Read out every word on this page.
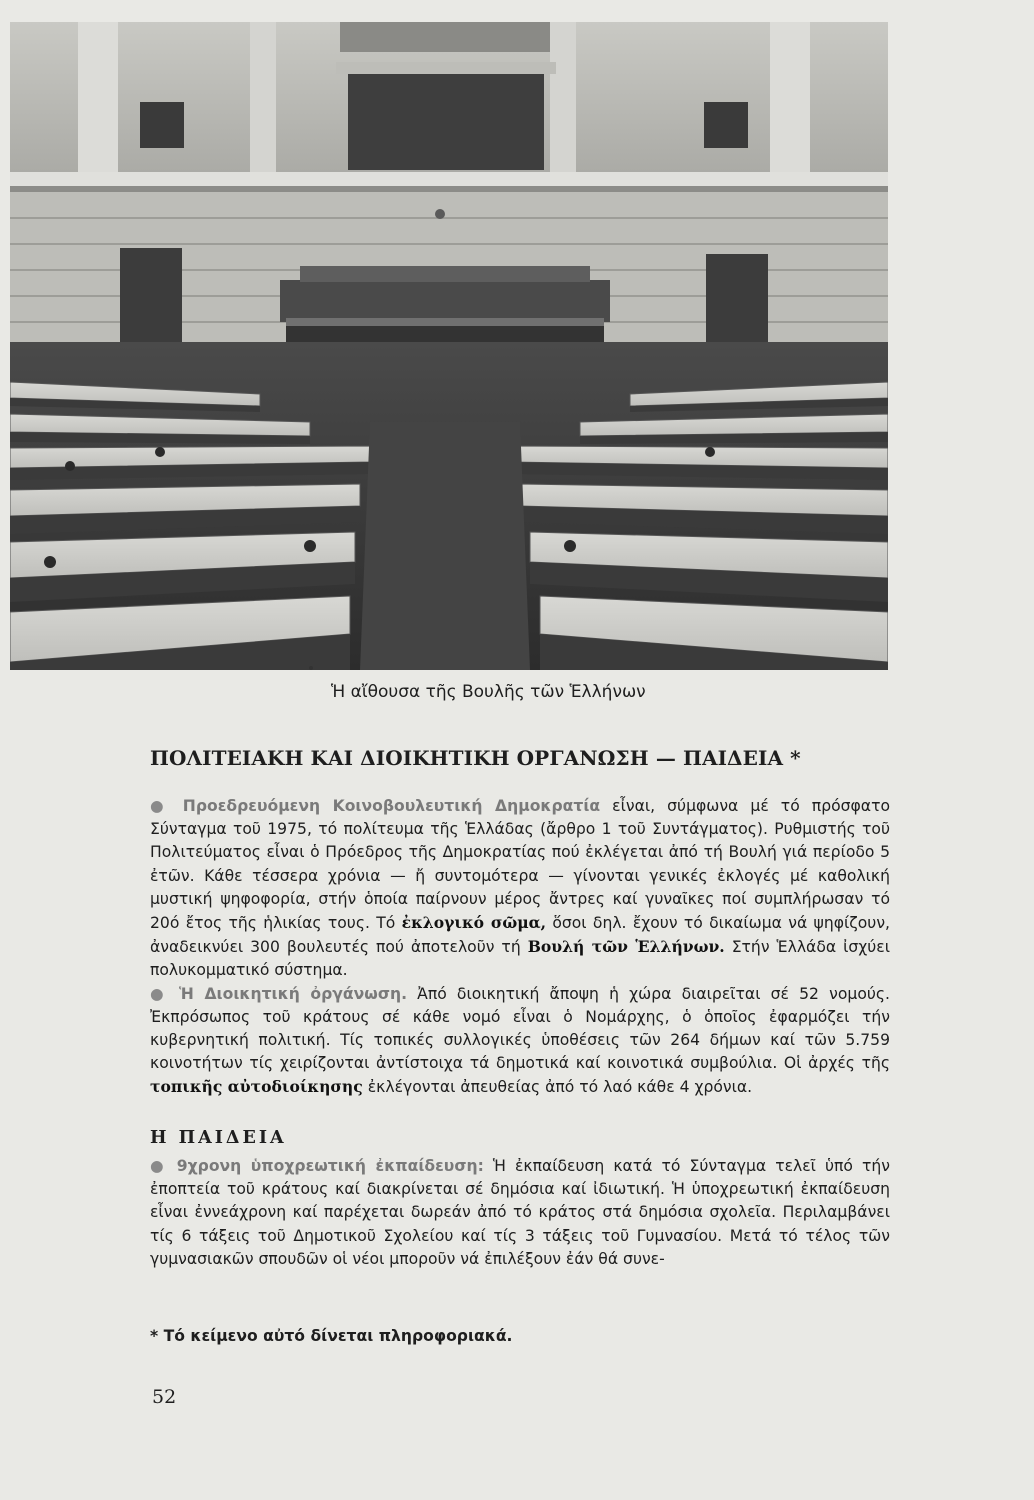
Ἡ αἴθουσα τῆς Βουλῆς τῶν Ἑλλήνων
ΠΟΛΙΤΕΙΑΚΗ ΚΑΙ ΔΙΟΙΚΗΤΙΚΗ ΟΡΓΑΝΩΣΗ — ΠΑΙΔΕΙΑ *

● Προεδρευόμενη Κοινοβουλευτική Δημοκρατία εἶναι, σύμφωνα μέ τό πρόσφατο Σύνταγμα τοῦ 1975, τό πολίτευμα τῆς Ἑλλάδας (ἄρθρο 1 τοῦ Συντάγματος). Ρυθμιστής τοῦ Πολιτεύματος εἶναι ὁ Πρόεδρος τῆς Δημοκρατίας πού ἐκλέγεται ἀπό τή Βουλή γιά περίοδο 5 ἐτῶν. Κάθε τέσσερα χρόνια — ἤ συντομότερα — γίνονται γενικές ἐκλογές μέ καθολική μυστική ψηφοφορία, στήν ὁποία παίρνουν μέρος ἄντρες καί γυναῖκες ποί συμπλήρωσαν τό 20ό ἔτος τῆς ἡλικίας τους. Τό ἐκλογικό σῶμα, ὅσοι δηλ. ἔχουν τό δικαίωμα νά ψηφίζουν, ἀναδεικνύει 300 βουλευτές πού ἀποτελοῦν τή Βουλή τῶν Ἑλλήνων. Στήν Ἑλλάδα ἰσχύει πολυκομματικό σύστημα.

● Ἡ Διοικητική ὀργάνωση. Ἀπό διοικητική ἄποψη ἡ χώρα διαιρεῖται σέ 52 νομούς. Ἐκπρόσωπος τοῦ κράτους σέ κάθε νομό εἶναι ὁ Νομάρχης, ὁ ὁποῖος ἐφαρμόζει τήν κυβερνητική πολιτική. Τίς τοπικές συλλογικές ὑποθέσεις τῶν 264 δήμων καί τῶν 5.759 κοινοτήτων τίς χειρίζονται ἀντίστοιχα τά δημοτικά καί κοινοτικά συμβούλια. Οἱ ἀρχές τῆς τοπικῆς αὐτοδιοίκησης ἐκλέγονται ἀπευθείας ἀπό τό λαό κάθε 4 χρόνια.

Η ΠΑΙΔΕΙΑ

● 9χρονη ὑποχρεωτική ἐκπαίδευση: Ἡ ἐκπαίδευση κατά τό Σύνταγμα τελεῖ ὑπό τήν ἐποπτεία τοῦ κράτους καί διακρίνεται σέ δημόσια καί ἰδιωτική. Ἡ ὑποχρεωτική ἐκπαίδευση εἶναι ἐννεάχρονη καί παρέχεται δωρεάν ἀπό τό κράτος στά δημόσια σχολεῖα. Περιλαμβάνει τίς 6 τάξεις τοῦ Δημοτικοῦ Σχολείου καί τίς 3 τάξεις τοῦ Γυμνασίου. Μετά τό τέλος τῶν γυμνασιακῶν σπουδῶν οἱ νέοι μποροῦν νά ἐπιλέξουν ἐάν θά συνε-

* Τό κείμενο αὐτό δίνεται πληροφοριακά.
52
